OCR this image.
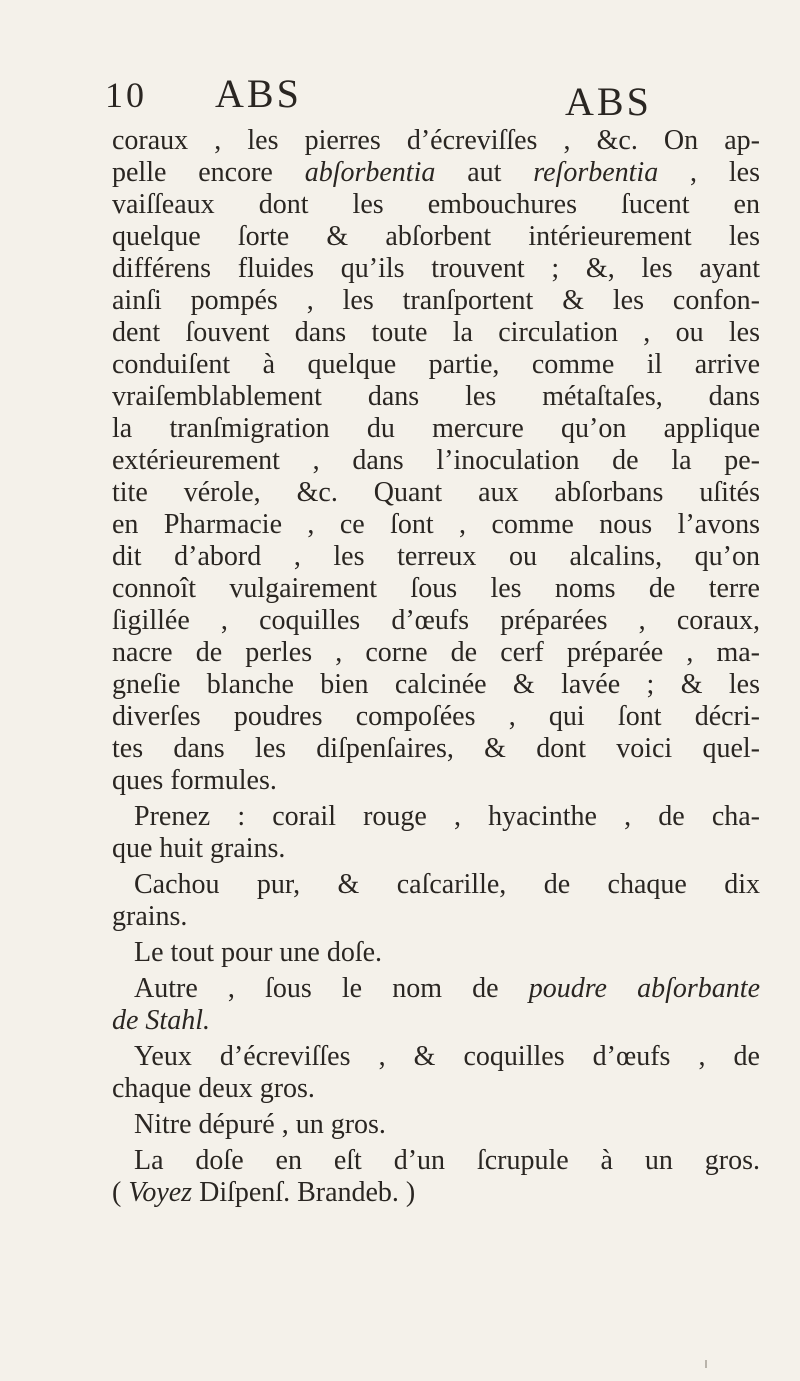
10 ABS	ABS
coraux , les pierres d’écreviſſes , &c. On ap-
pelle encore abſorbentia aut reſorbentia , les
vaiſſeaux dont les embouchures ſucent en
quelque ſorte & abſorbent intérieurement les
différens fluides qu’ils trouvent ; &, les ayant
ainſi pompés , les tranſportent & les confon-
dent ſouvent dans toute la circulation , ou les
conduiſent à quelque partie, comme il arrive
vraiſemblablement dans les métaſtaſes, dans
la tranſmigration du mercure qu’on applique
extérieurement , dans l’inoculation de la pe-
tite vérole, &c. Quant aux abſorbans uſités
en Pharmacie , ce ſont , comme nous l’avons
dit d’abord , les terreux ou alcalins, qu’on
connoît vulgairement ſous les noms de terre
ſigillée , coquilles d’œufs préparées , coraux,
nacre de perles , corne de cerf préparée , ma-
gneſie blanche bien calcinée & lavée ; & les
diverſes poudres compoſées , qui ſont décri-
tes dans les diſpenſaires, & dont voici quel-
ques formules.
Prenez : corail rouge , hyacinthe , de cha-
que huit grains.
Cachou pur, & caſcarille, de chaque dix
grains.
Le tout pour une doſe.
Autre , ſous le nom de poudre abſorbante
de Stahl.
Yeux d’écreviſſes , & coquilles d’œufs , de
chaque deux gros.
Nitre dépuré , un gros.
La doſe en eſt d’un ſcrupule à un gros.
( Voyez Diſpenſ. Brandeb. )
